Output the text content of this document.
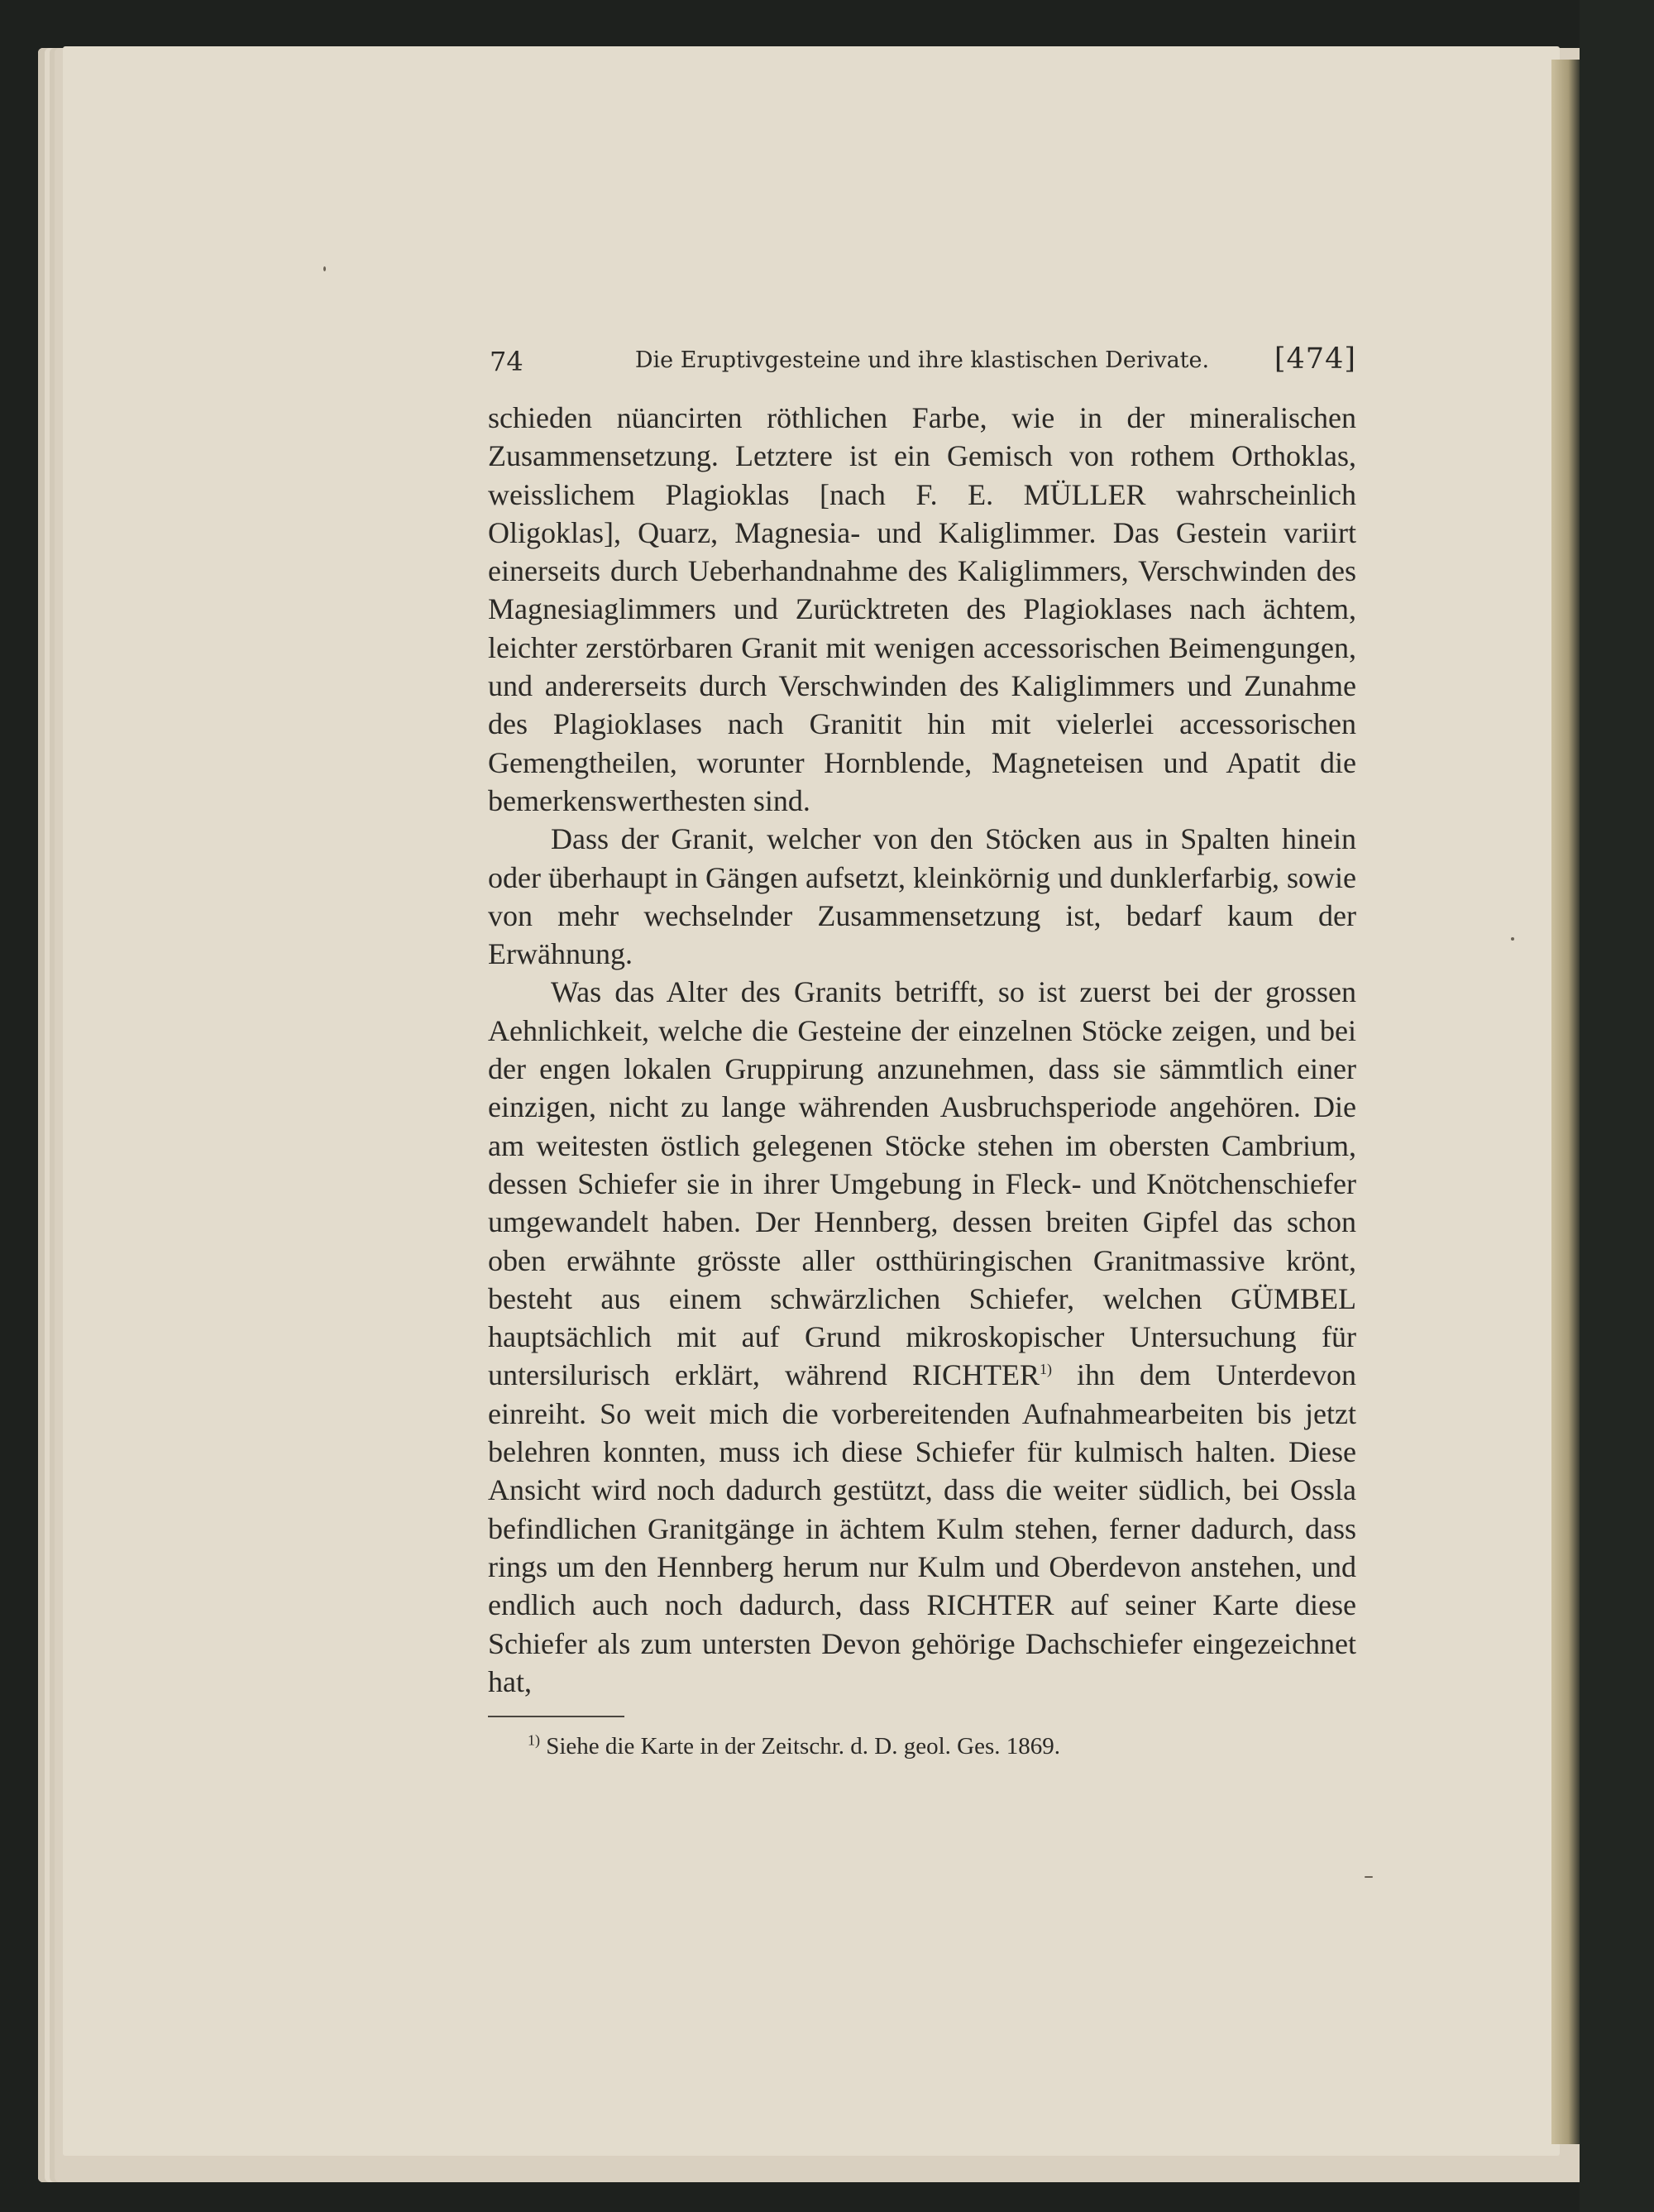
74	Die Eruptivgesteine und ihre klastischen Derivate.	[474]

schieden nüancirten röthlichen Farbe, wie in der mineralischen Zusammensetzung. Letztere ist ein Gemisch von rothem Orthoklas, weisslichem Plagioklas [nach F. E. MÜLLER wahrscheinlich Oligoklas], Quarz, Magnesia- und Kaliglimmer. Das Gestein variirt einerseits durch Ueberhandnahme des Kaliglimmers, Verschwinden des Magnesiaglimmers und Zurücktreten des Plagioklases nach ächtem, leichter zerstörbaren Granit mit wenigen accessorischen Beimengungen, und andererseits durch Verschwinden des Kaliglimmers und Zunahme des Plagioklases nach Granitit hin mit vielerlei accessorischen Gemengtheilen, worunter Hornblende, Magneteisen und Apatit die bemerkenswerthesten sind.

Dass der Granit, welcher von den Stöcken aus in Spalten hinein oder überhaupt in Gängen aufsetzt, kleinkörnig und dunklerfarbig, sowie von mehr wechselnder Zusammensetzung ist, bedarf kaum der Erwähnung.

Was das Alter des Granits betrifft, so ist zuerst bei der grossen Aehnlichkeit, welche die Gesteine der einzelnen Stöcke zeigen, und bei der engen lokalen Gruppirung anzunehmen, dass sie sämmtlich einer einzigen, nicht zu lange währenden Ausbruchsperiode angehören. Die am weitesten östlich gelegenen Stöcke stehen im obersten Cambrium, dessen Schiefer sie in ihrer Umgebung in Fleck- und Knötchenschiefer umgewandelt haben. Der Hennberg, dessen breiten Gipfel das schon oben erwähnte grösste aller ostthüringischen Granitmassive krönt, besteht aus einem schwärzlichen Schiefer, welchen GÜMBEL hauptsächlich mit auf Grund mikroskopischer Untersuchung für untersilurisch erklärt, während RICHTER$^{1)}$ ihn dem Unterdevon einreiht. So weit mich die vorbereitenden Aufnahmearbeiten bis jetzt belehren konnten, muss ich diese Schiefer für kulmisch halten. Diese Ansicht wird noch dadurch gestützt, dass die weiter südlich, bei Ossla befindlichen Granitgänge in ächtem Kulm stehen, ferner dadurch, dass rings um den Hennberg herum nur Kulm und Oberdevon anstehen, und endlich auch noch dadurch, dass RICHTER auf seiner Karte diese Schiefer als zum untersten Devon gehörige Dachschiefer eingezeichnet hat,

$^{1)}$ Siehe die Karte in der Zeitschr. d. D. geol. Ges. 1869.
